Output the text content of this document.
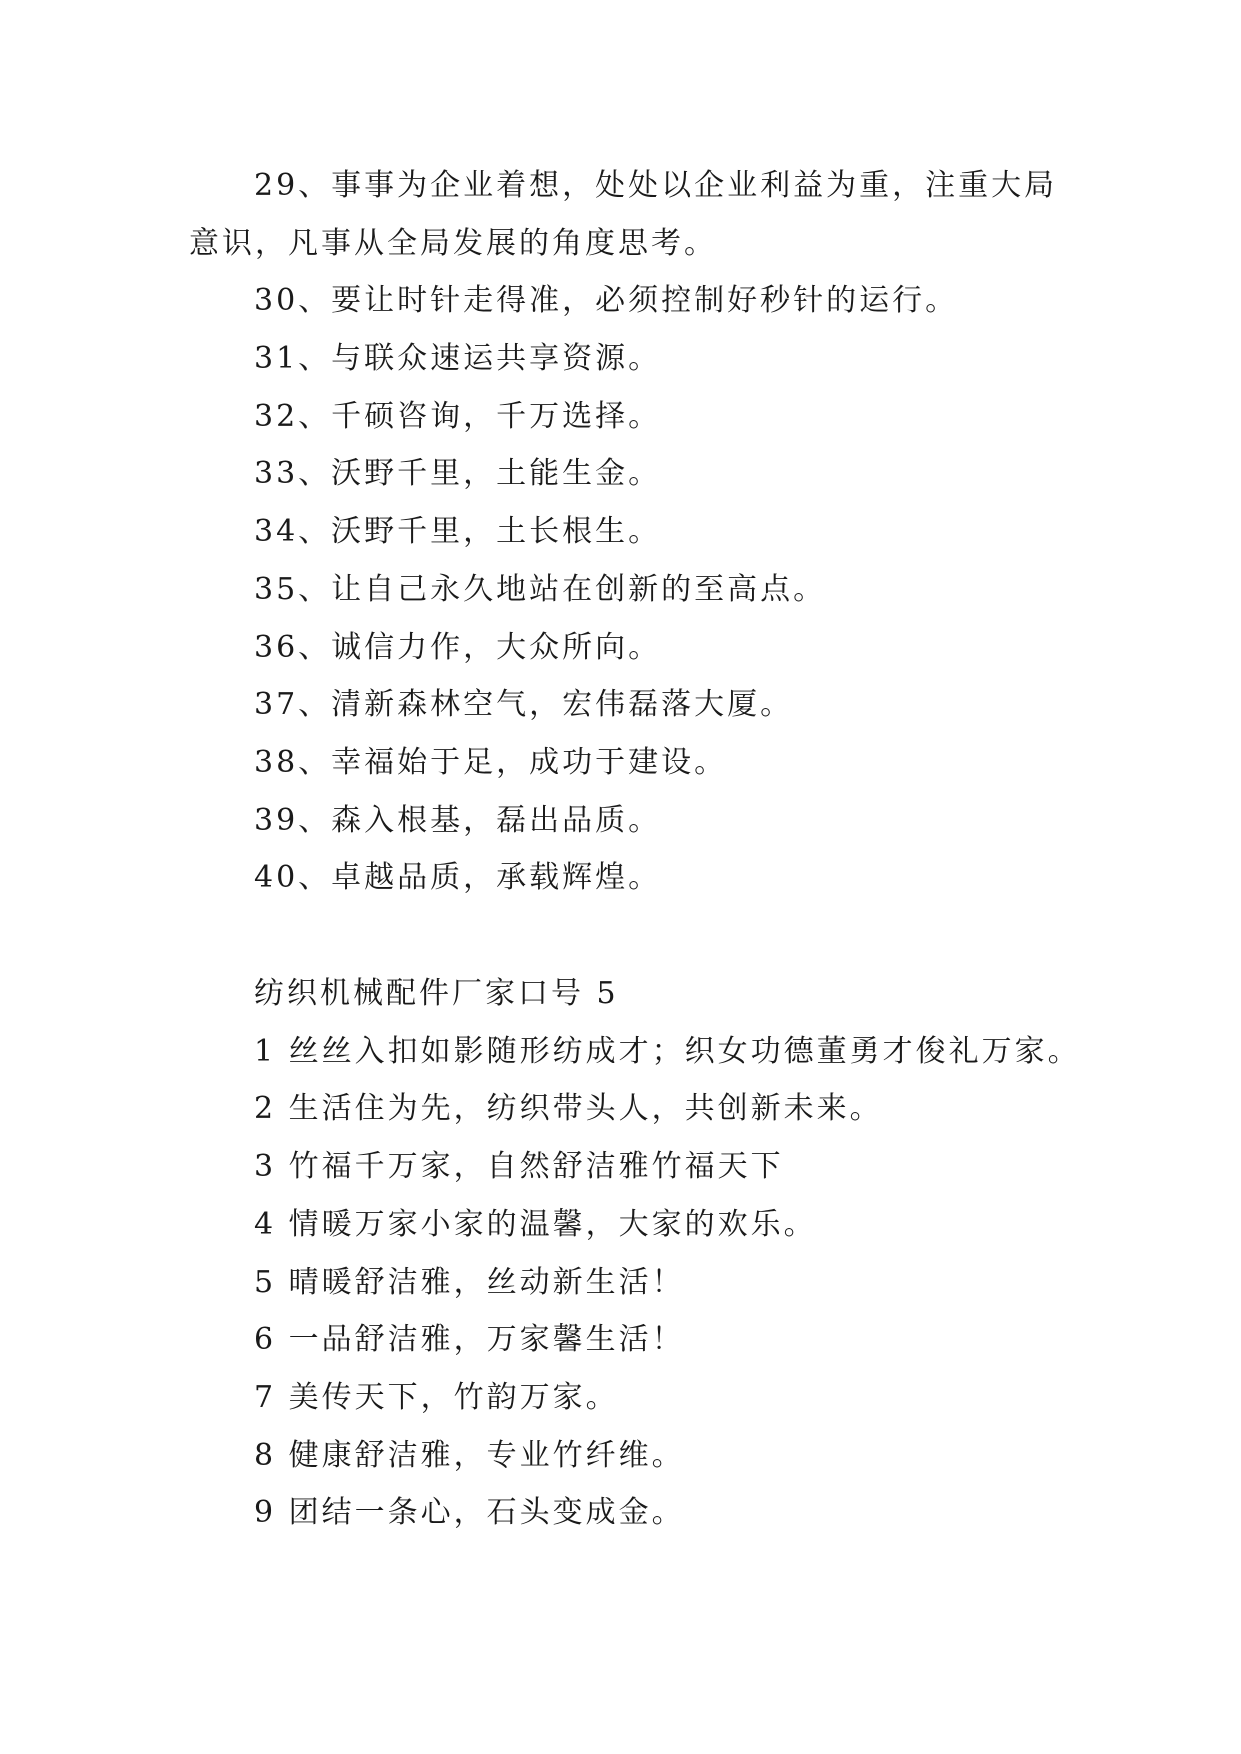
29、事事为企业着想，处处以企业利益为重，注重大局
意识，凡事从全局发展的角度思考。
30、要让时针走得准，必须控制好秒针的运行。
31、与联众速运共享资源。
32、千硕咨询，千万选择。
33、沃野千里，土能生金。
34、沃野千里，土长根生。
35、让自己永久地站在创新的至高点。
36、诚信力作，大众所向。
37、清新森林空气，宏伟磊落大厦。
38、幸福始于足，成功于建设。
39、森入根基，磊出品质。
40、卓越品质，承载辉煌。
纺织机械配件厂家口号 5
1 丝丝入扣如影随形纺成才；织女功德董勇才俊礼万家。
2 生活住为先，纺织带头人，共创新未来。
3 竹福千万家，自然舒洁雅竹福天下
4 情暖万家小家的温馨，大家的欢乐。
5 晴暖舒洁雅，丝动新生活！
6 一品舒洁雅，万家馨生活！
7 美传天下，竹韵万家。
8 健康舒洁雅，专业竹纤维。
9 团结一条心，石头变成金。
